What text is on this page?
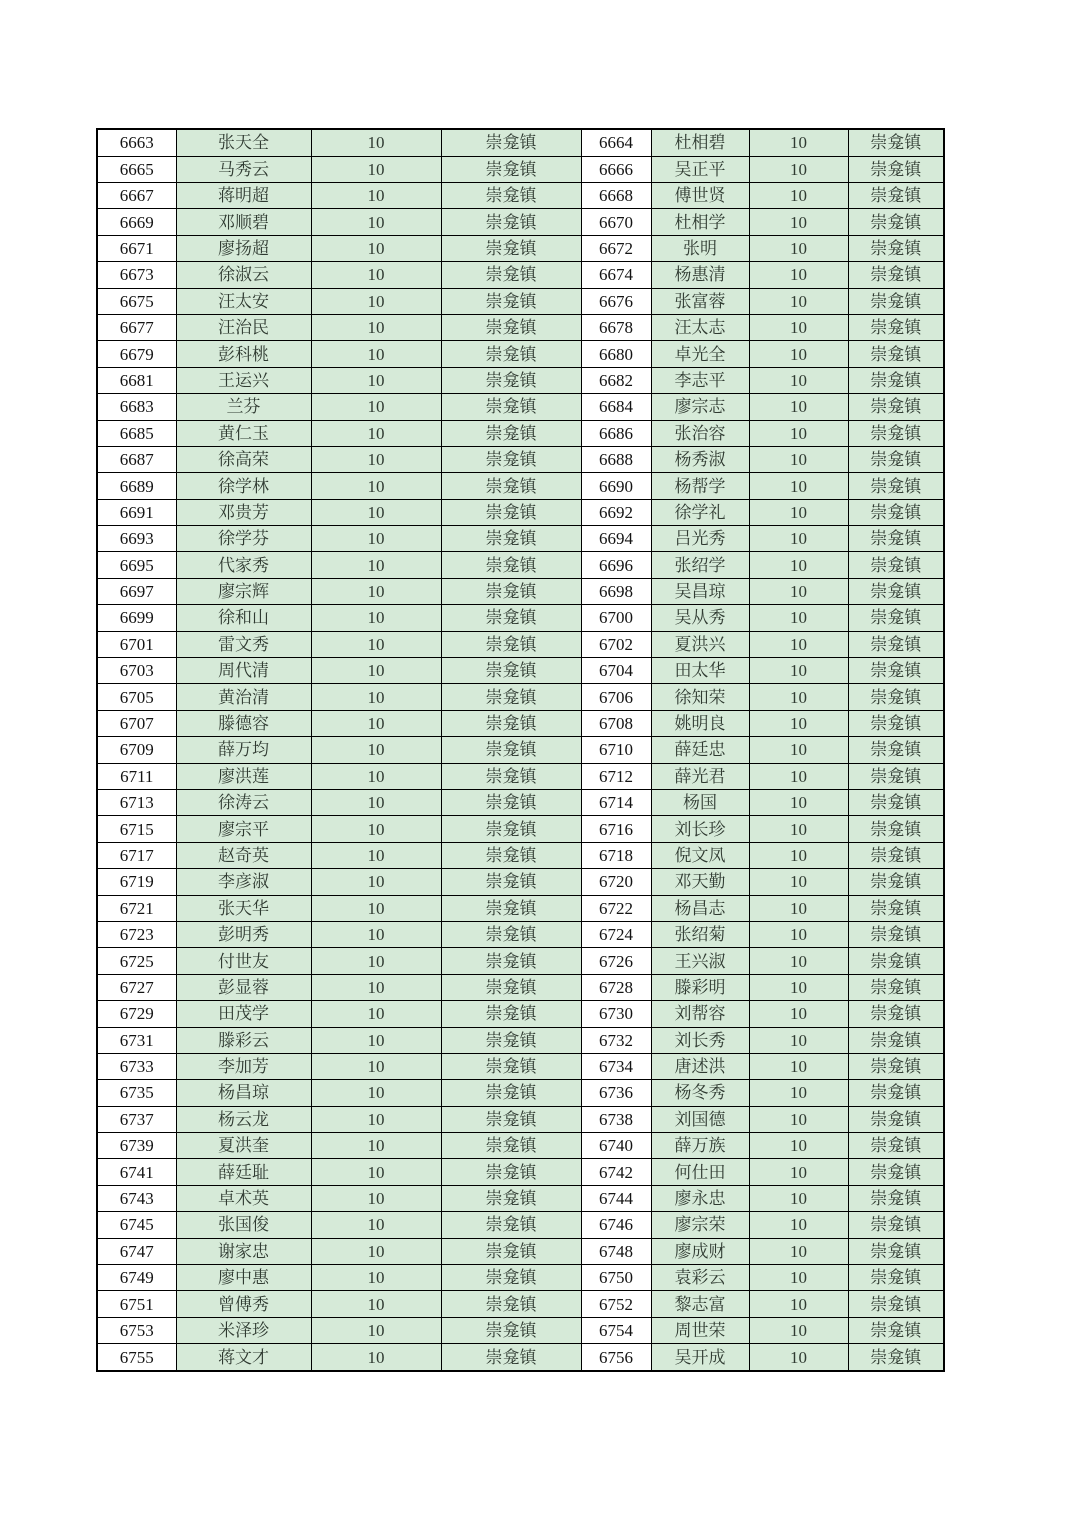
6663	张天全	10	崇龛镇	6664	杜相碧	10	崇龛镇
6665	马秀云	10	崇龛镇	6666	吴正平	10	崇龛镇
6667	蒋明超	10	崇龛镇	6668	傅世贤	10	崇龛镇
6669	邓顺碧	10	崇龛镇	6670	杜相学	10	崇龛镇
6671	廖扬超	10	崇龛镇	6672	张明	10	崇龛镇
6673	徐淑云	10	崇龛镇	6674	杨惠清	10	崇龛镇
6675	汪太安	10	崇龛镇	6676	张富蓉	10	崇龛镇
6677	汪治民	10	崇龛镇	6678	汪太志	10	崇龛镇
6679	彭科桃	10	崇龛镇	6680	卓光全	10	崇龛镇
6681	王运兴	10	崇龛镇	6682	李志平	10	崇龛镇
6683	兰芬	10	崇龛镇	6684	廖宗志	10	崇龛镇
6685	黄仁玉	10	崇龛镇	6686	张治容	10	崇龛镇
6687	徐高荣	10	崇龛镇	6688	杨秀淑	10	崇龛镇
6689	徐学林	10	崇龛镇	6690	杨帮学	10	崇龛镇
6691	邓贵芳	10	崇龛镇	6692	徐学礼	10	崇龛镇
6693	徐学芬	10	崇龛镇	6694	吕光秀	10	崇龛镇
6695	代家秀	10	崇龛镇	6696	张绍学	10	崇龛镇
6697	廖宗辉	10	崇龛镇	6698	吴昌琼	10	崇龛镇
6699	徐和山	10	崇龛镇	6700	吴从秀	10	崇龛镇
6701	雷文秀	10	崇龛镇	6702	夏洪兴	10	崇龛镇
6703	周代清	10	崇龛镇	6704	田太华	10	崇龛镇
6705	黄治清	10	崇龛镇	6706	徐知荣	10	崇龛镇
6707	滕德容	10	崇龛镇	6708	姚明良	10	崇龛镇
6709	薛万均	10	崇龛镇	6710	薛廷忠	10	崇龛镇
6711	廖洪莲	10	崇龛镇	6712	薛光君	10	崇龛镇
6713	徐涛云	10	崇龛镇	6714	杨国	10	崇龛镇
6715	廖宗平	10	崇龛镇	6716	刘长珍	10	崇龛镇
6717	赵奇英	10	崇龛镇	6718	倪文凤	10	崇龛镇
6719	李彦淑	10	崇龛镇	6720	邓天勤	10	崇龛镇
6721	张天华	10	崇龛镇	6722	杨昌志	10	崇龛镇
6723	彭明秀	10	崇龛镇	6724	张绍菊	10	崇龛镇
6725	付世友	10	崇龛镇	6726	王兴淑	10	崇龛镇
6727	彭显蓉	10	崇龛镇	6728	滕彩明	10	崇龛镇
6729	田茂学	10	崇龛镇	6730	刘帮容	10	崇龛镇
6731	滕彩云	10	崇龛镇	6732	刘长秀	10	崇龛镇
6733	李加芳	10	崇龛镇	6734	唐述洪	10	崇龛镇
6735	杨昌琼	10	崇龛镇	6736	杨冬秀	10	崇龛镇
6737	杨云龙	10	崇龛镇	6738	刘国德	10	崇龛镇
6739	夏洪奎	10	崇龛镇	6740	薛万族	10	崇龛镇
6741	薛廷耻	10	崇龛镇	6742	何仕田	10	崇龛镇
6743	卓术英	10	崇龛镇	6744	廖永忠	10	崇龛镇
6745	张国俊	10	崇龛镇	6746	廖宗荣	10	崇龛镇
6747	谢家忠	10	崇龛镇	6748	廖成财	10	崇龛镇
6749	廖中惠	10	崇龛镇	6750	袁彩云	10	崇龛镇
6751	曾傅秀	10	崇龛镇	6752	黎志富	10	崇龛镇
6753	米泽珍	10	崇龛镇	6754	周世荣	10	崇龛镇
6755	蒋文才	10	崇龛镇	6756	吴开成	10	崇龛镇
